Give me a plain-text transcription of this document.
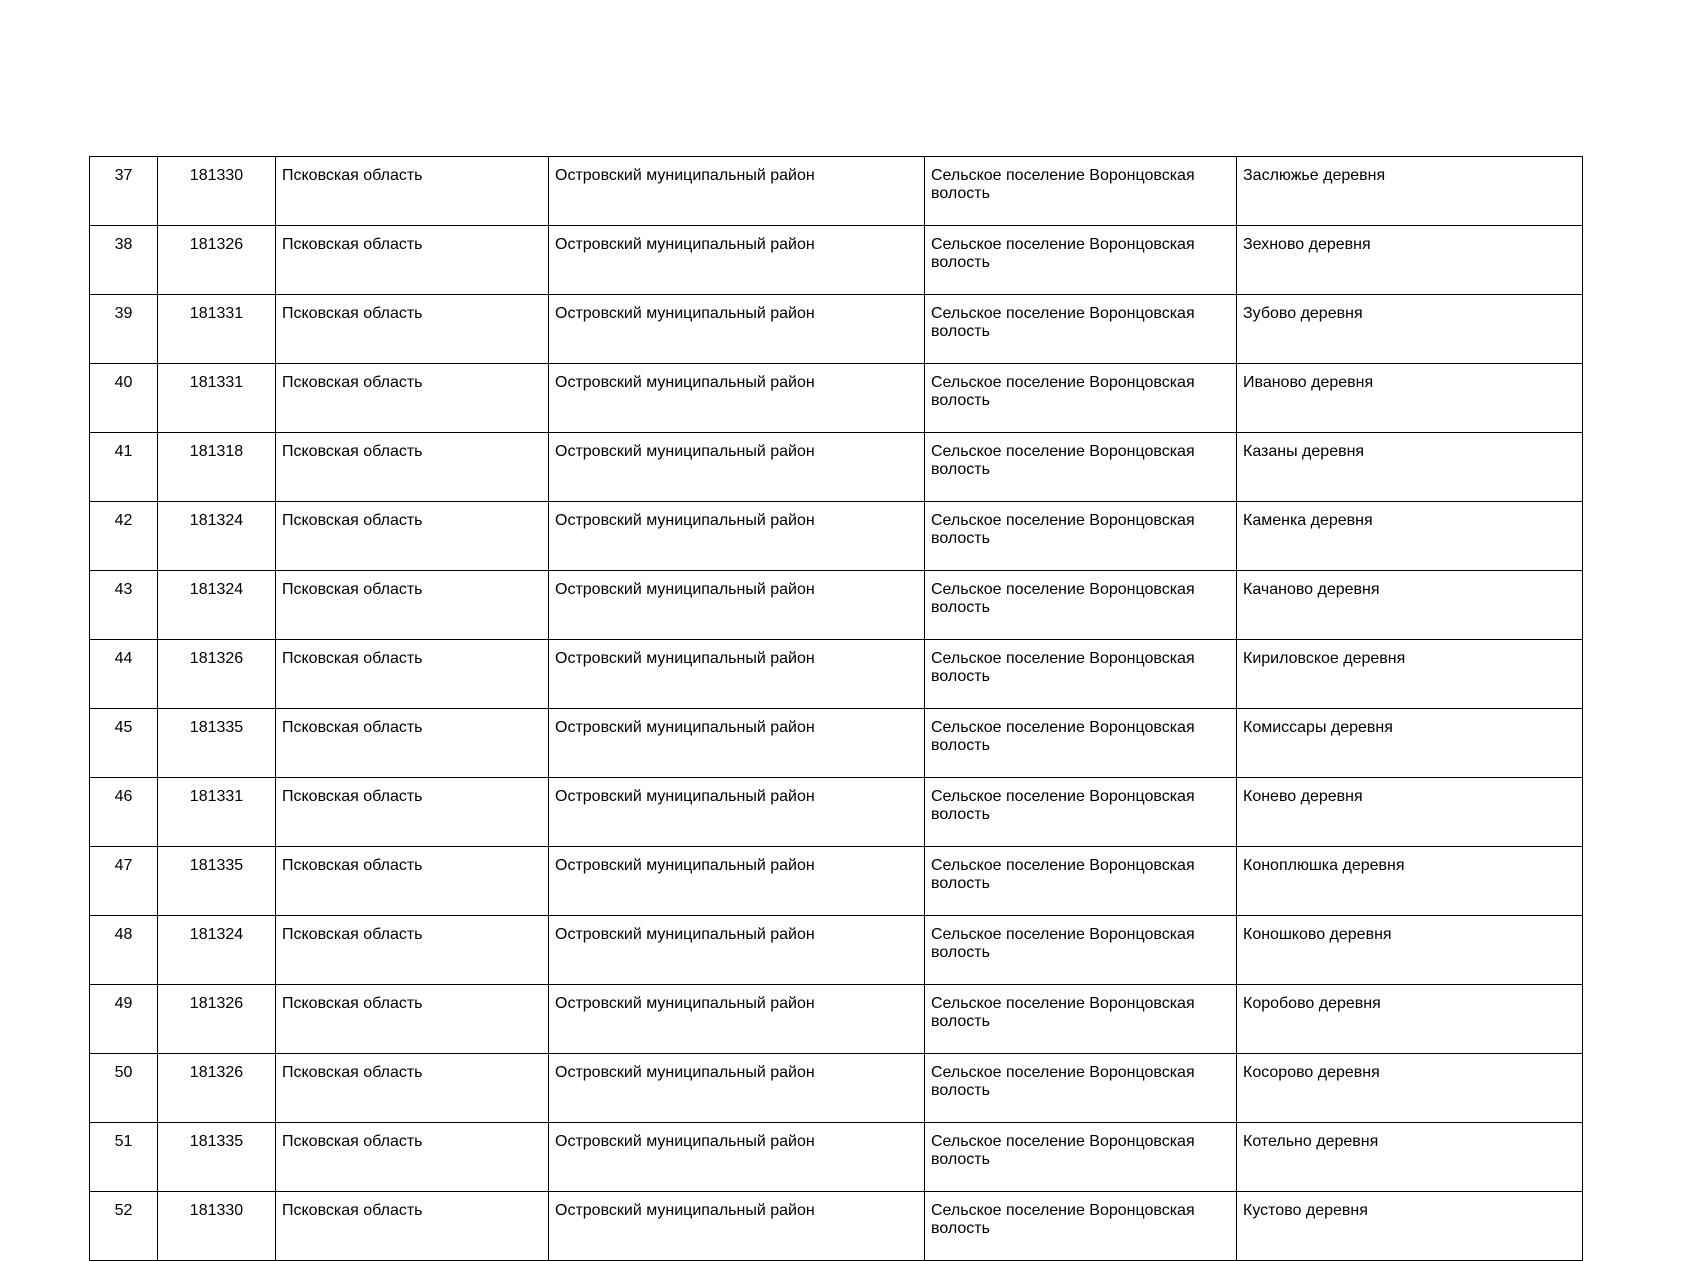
37	181330	Псковская область	Островский муниципальный район	Сельское поселение Воронцовская волость	Заслюжье деревня
38	181326	Псковская область	Островский муниципальный район	Сельское поселение Воронцовская волость	Зехново деревня
39	181331	Псковская область	Островский муниципальный район	Сельское поселение Воронцовская волость	Зубово деревня
40	181331	Псковская область	Островский муниципальный район	Сельское поселение Воронцовская волость	Иваново деревня
41	181318	Псковская область	Островский муниципальный район	Сельское поселение Воронцовская волость	Казаны деревня
42	181324	Псковская область	Островский муниципальный район	Сельское поселение Воронцовская волость	Каменка деревня
43	181324	Псковская область	Островский муниципальный район	Сельское поселение Воронцовская волость	Качаново деревня
44	181326	Псковская область	Островский муниципальный район	Сельское поселение Воронцовская волость	Кириловское деревня
45	181335	Псковская область	Островский муниципальный район	Сельское поселение Воронцовская волость	Комиссары деревня
46	181331	Псковская область	Островский муниципальный район	Сельское поселение Воронцовская волость	Конево деревня
47	181335	Псковская область	Островский муниципальный район	Сельское поселение Воронцовская волость	Коноплюшка деревня
48	181324	Псковская область	Островский муниципальный район	Сельское поселение Воронцовская волость	Коношково деревня
49	181326	Псковская область	Островский муниципальный район	Сельское поселение Воронцовская волость	Коробово деревня
50	181326	Псковская область	Островский муниципальный район	Сельское поселение Воронцовская волость	Косорово деревня
51	181335	Псковская область	Островский муниципальный район	Сельское поселение Воронцовская волость	Котельно деревня
52	181330	Псковская область	Островский муниципальный район	Сельское поселение Воронцовская волость	Кустово деревня
